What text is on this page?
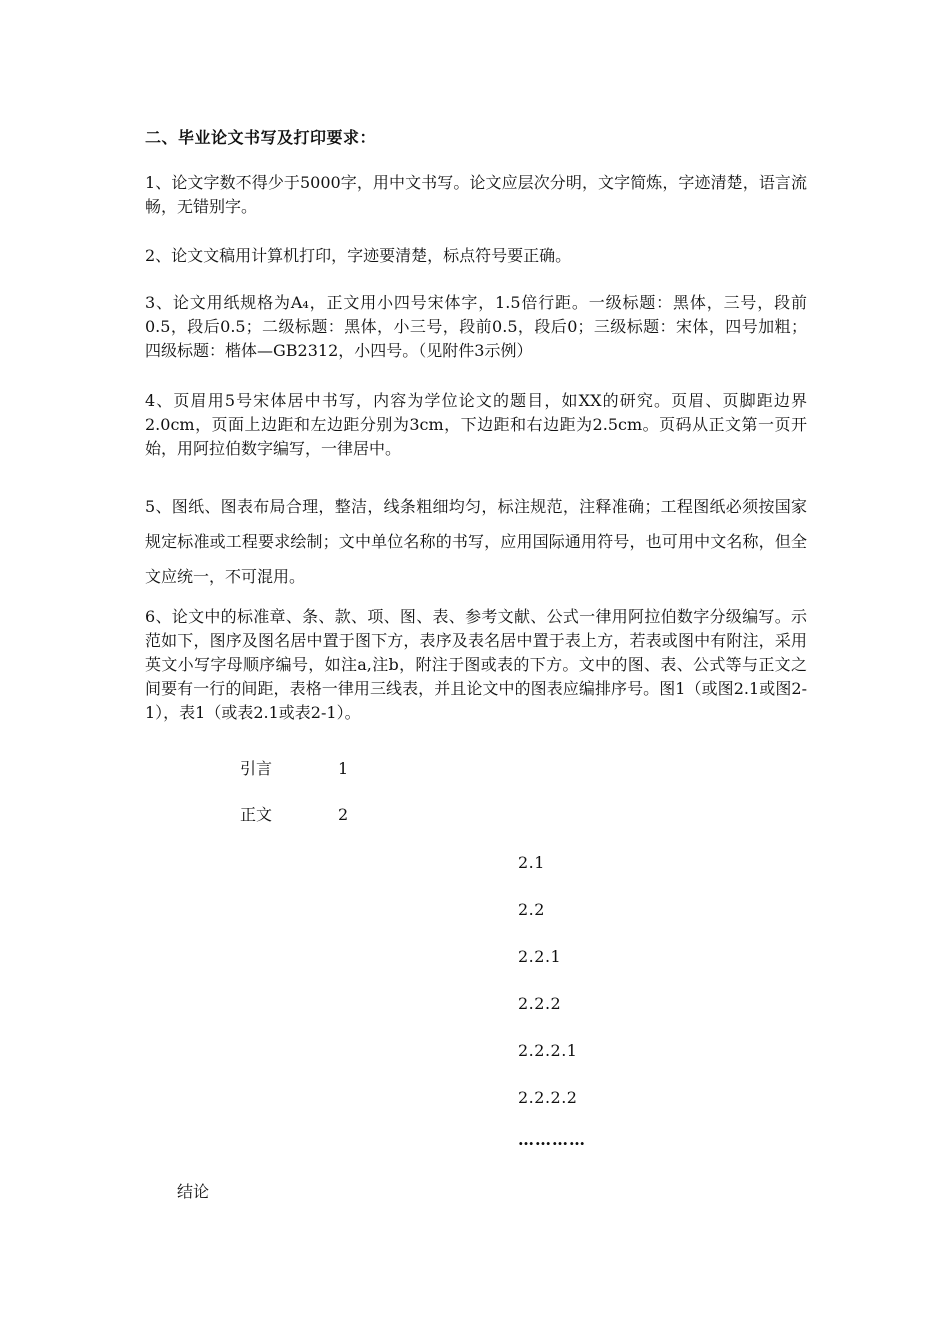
二、毕业论文书写及打印要求：

1、论文字数不得少于5000字，用中文书写。论文应层次分明，文字简炼，字迹清楚，语言流畅，无错别字。

2、论文文稿用计算机打印，字迹要清楚，标点符号要正确。

3、论文用纸规格为A₄，正文用小四号宋体字，1.5倍行距。一级标题：黑体，三号，段前0.5，段后0.5；二级标题：黑体，小三号，段前0.5，段后0；三级标题：宋体，四号加粗；四级标题：楷体—GB2312，小四号。（见附件3示例）

4、页眉用5号宋体居中书写，内容为学位论文的题目，如XX的研究。页眉、页脚距边界2.0cm，页面上边距和左边距分别为3cm，下边距和右边距为2.5cm。页码从正文第一页开始，用阿拉伯数字编写，一律居中。

5、图纸、图表布局合理，整洁，线条粗细均匀，标注规范，注释准确；工程图纸必须按国家规定标准或工程要求绘制；文中单位名称的书写，应用国际通用符号，也可用中文名称，但全文应统一，不可混用。

6、论文中的标准章、条、款、项、图、表、参考文献、公式一律用阿拉伯数字分级编写。示范如下，图序及图名居中置于图下方，表序及表名居中置于表上方，若表或图中有附注，采用英文小写字母顺序编号，如注a,注b，附注于图或表的下方。文中的图、表、公式等与正文之间要有一行的间距，表格一律用三线表，并且论文中的图表应编排序号。图1（或图2.1或图2-1），表1（或表2.1或表2-1）。

引言	1
正文	2
2.1
2.2
2.2.1
2.2.2
2.2.2.1
2.2.2.2
…………
结论
